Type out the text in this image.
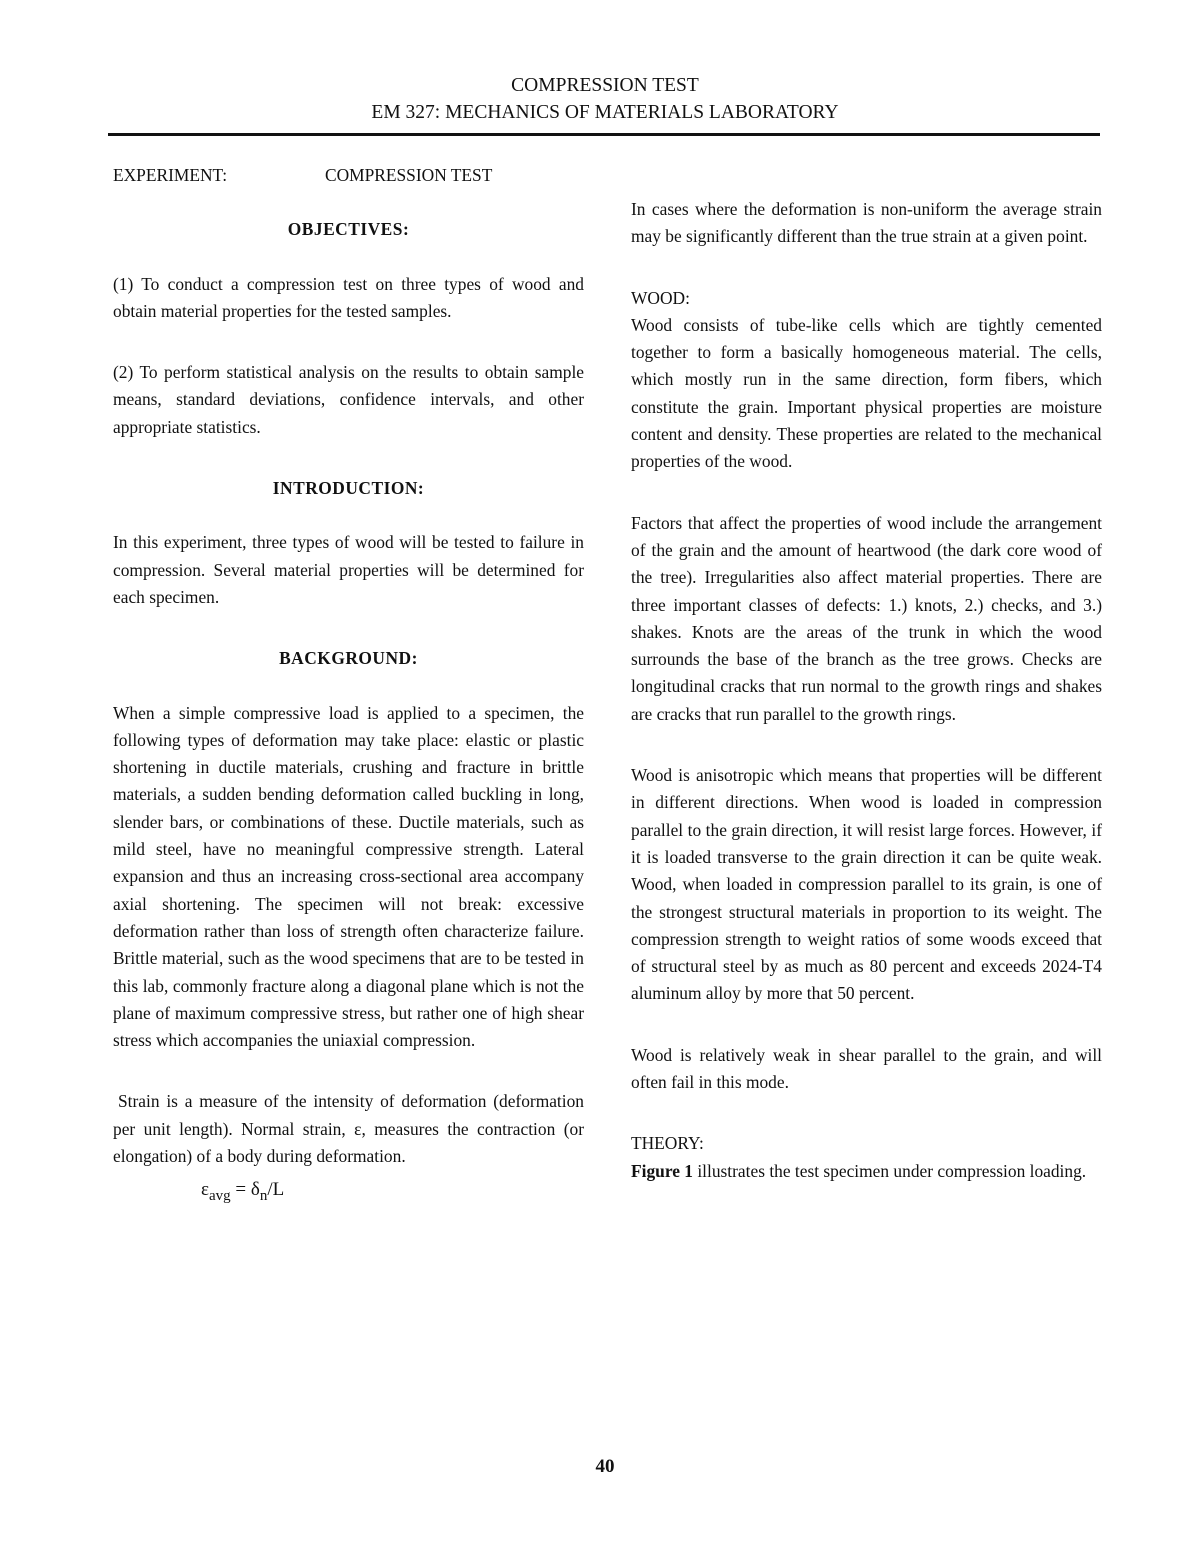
COMPRESSION TEST
EM 327: MECHANICS OF MATERIALS LABORATORY
EXPERIMENT:	COMPRESSION TEST
OBJECTIVES:

(1) To conduct a compression test on three types of wood and obtain material properties for the tested samples.

(2) To perform statistical analysis on the results to obtain sample means, standard deviations, confidence intervals, and other appropriate statistics.

INTRODUCTION:

In this experiment, three types of wood will be tested to failure in compression. Several material properties will be determined for each specimen.

BACKGROUND:

When a simple compressive load is applied to a specimen, the following types of deformation may take place: elastic or plastic shortening in ductile materials, crushing and fracture in brittle materials, a sudden bending deformation called buckling in long, slender bars, or combinations of these. Ductile materials, such as mild steel, have no meaningful compressive strength. Lateral expansion and thus an increasing cross-sectional area accompany axial shortening. The specimen will not break: excessive deformation rather than loss of strength often characterize failure. Brittle material, such as the wood specimens that are to be tested in this lab, commonly fracture along a diagonal plane which is not the plane of maximum compressive stress, but rather one of high shear stress which accompanies the uniaxial compression.

Strain is a measure of the intensity of deformation (deformation per unit length). Normal strain, ε, measures the contraction (or elongation) of a body during deformation.

$\varepsilon_{avg} = \delta_n/L$

In cases where the deformation is non-uniform the average strain may be significantly different than the true strain at a given point.

WOOD:

Wood consists of tube-like cells which are tightly cemented together to form a basically homogeneous material. The cells, which mostly run in the same direction, form fibers, which constitute the grain. Important physical properties are moisture content and density. These properties are related to the mechanical properties of the wood.

Factors that affect the properties of wood include the arrangement of the grain and the amount of heartwood (the dark core wood of the tree). Irregularities also affect material properties. There are three important classes of defects: 1.) knots, 2.) checks, and 3.) shakes. Knots are the areas of the trunk in which the wood surrounds the base of the branch as the tree grows. Checks are longitudinal cracks that run normal to the growth rings and shakes are cracks that run parallel to the growth rings.

Wood is anisotropic which means that properties will be different in different directions. When wood is loaded in compression parallel to the grain direction, it will resist large forces. However, if it is loaded transverse to the grain direction it can be quite weak. Wood, when loaded in compression parallel to its grain, is one of the strongest structural materials in proportion to its weight. The compression strength to weight ratios of some woods exceed that of structural steel by as much as 80 percent and exceeds 2024-T4 aluminum alloy by more that 50 percent.

Wood is relatively weak in shear parallel to the grain, and will often fail in this mode.

THEORY:

Figure 1 illustrates the test specimen under compression loading.

40
